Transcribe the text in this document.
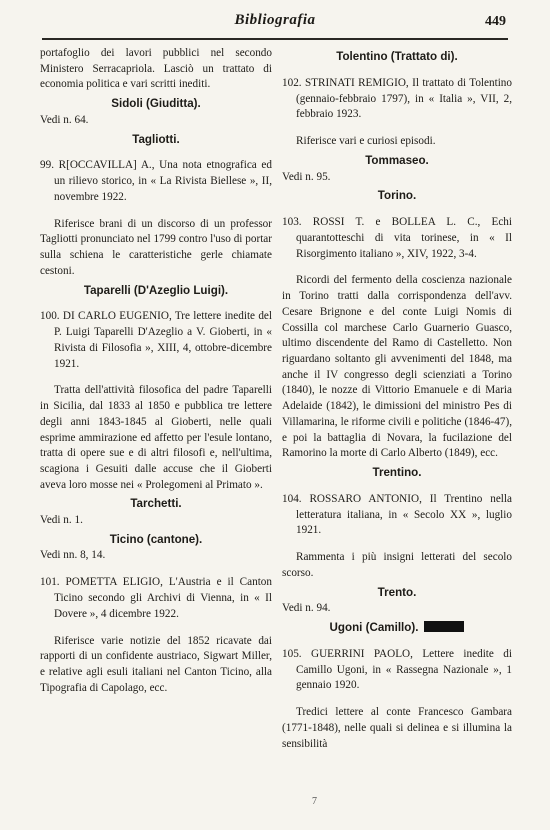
Bibliografia	449

portafoglio dei lavori pubblici nel secondo Ministero Serracapriola. Lasciò un trattato di economia politica e vari scritti inediti.

Sidoli (Giuditta).
Vedi n. 64.
Tagliotti.

99. R[OCCAVILLA] A., Una nota etnografica ed un rilievo storico, in « La Rivista Biellese », II, novembre 1922.

Riferisce brani di un discorso di un professor Tagliotti pronunciato nel 1799 contro l'uso di portar sulla schiena le caratteristiche gerle chiamate cestoni.

Taparelli (D'Azeglio Luigi).

100. DI CARLO EUGENIO, Tre lettere inedite del P. Luigi Taparelli D'Azeglio a V. Gioberti, in « Rivista di Filosofia », XIII, 4, ottobre-dicembre 1921.

Tratta dell'attività filosofica del padre Taparelli in Sicilia, dal 1833 al 1850 e pubblica tre lettere degli anni 1843-1845 al Gioberti, nelle quali esprime ammirazione ed affetto per l'esule lontano, tratta di opere sue e di altri filosofi e, nell'ultima, scagiona i Gesuiti dalle accuse che il Gioberti aveva loro mosse nei « Prolegomeni al Primato ».

Tarchetti.
Vedi n. 1.
Ticino (cantone).
Vedi nn. 8, 14.

101. POMETTA ELIGIO, L'Austria e il Canton Ticino secondo gli Archivi di Vienna, in « Il Dovere », 4 dicembre 1922.

Riferisce varie notizie del 1852 ricavate dai rapporti di un confidente austriaco, Sigwart Miller, e relative agli esuli italiani nel Canton Ticino, alla Tipografia di Capolago, ecc.

Tolentino (Trattato di).

102. STRINATI REMIGIO, Il trattato di Tolentino (gennaio-febbraio 1797), in « Italia », VII, 2, febbraio 1923.

Riferisce vari e curiosi episodi.

Tommaseo.
Vedi n. 95.
Torino.

103. ROSSI T. e BOLLEA L. C., Echi quarantotteschi di vita torinese, in « Il Risorgimento italiano », XIV, 1922, 3-4.

Ricordi del fermento della coscienza nazionale in Torino tratti dalla corrispondenza dell'avv. Cesare Brignone e del conte Luigi Nomis di Cossilla col marchese Carlo Guarnerio Guasco, ultimo discendente del Ramo di Castelletto. Non riguardano soltanto gli avvenimenti del 1848, ma anche il IV congresso degli scienziati a Torino (1840), le nozze di Vittorio Emanuele e di Maria Adelaide (1842), le dimissioni del ministro Pes di Villamarina, le riforme civili e politiche (1846-47), e poi la battaglia di Novara, la fucilazione del Ramorino la morte di Carlo Alberto (1849), ecc.

Trentino.

104. ROSSARO ANTONIO, Il Trentino nella letteratura italiana, in « Secolo XX », luglio 1921.

Rammenta i più insigni letterati del secolo scorso.

Trento.
Vedi n. 94.
Ugoni (Camillo).

105. GUERRINI PAOLO, Lettere inedite di Camillo Ugoni, in « Rassegna Nazionale », 1 gennaio 1920.

Tredici lettere al conte Francesco Gambara (1771-1848), nelle quali si delinea e si illumina la sensibilità

7
